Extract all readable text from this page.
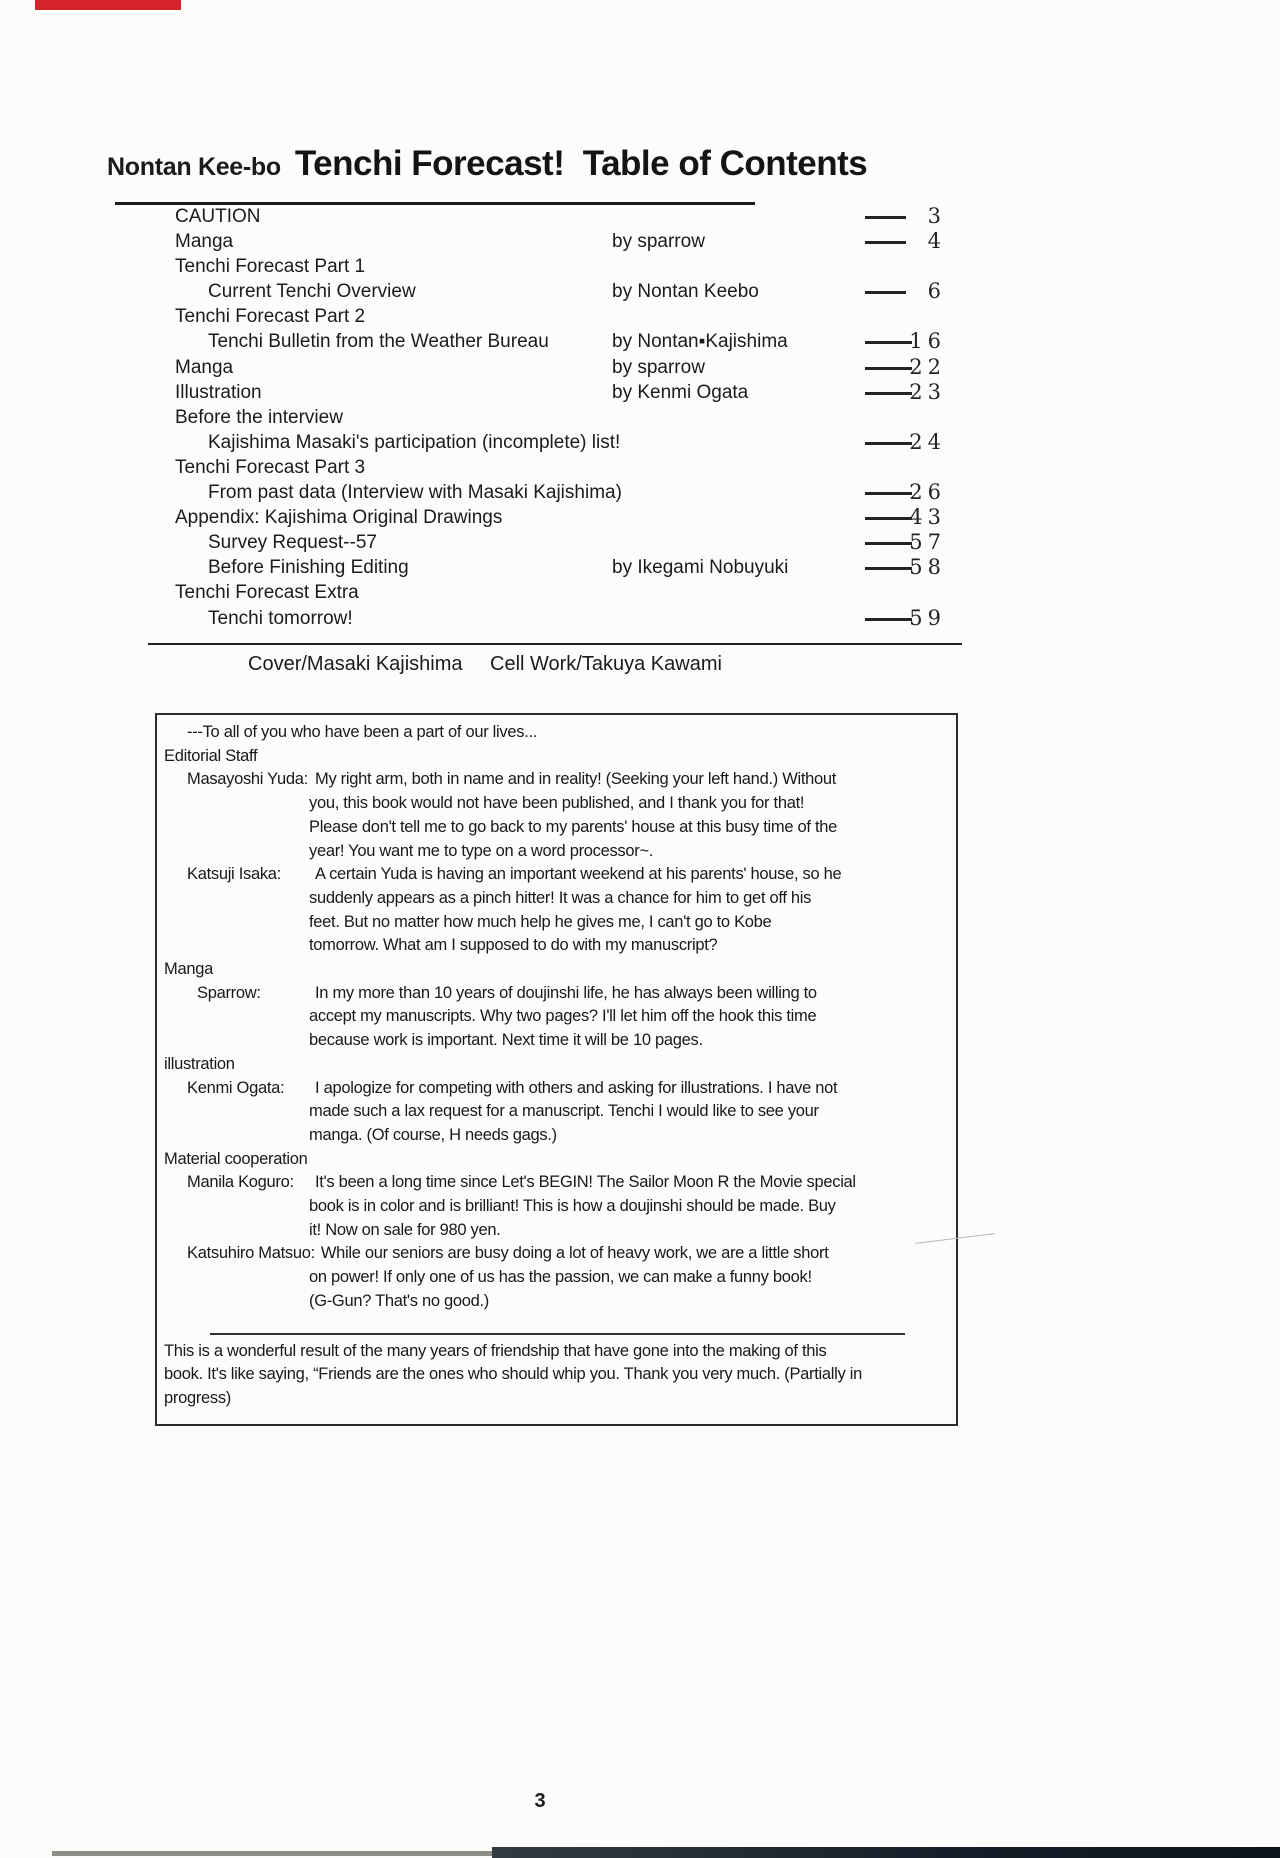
Nontan Kee-bo Tenchi Forecast!  Table of Contents
CAUTION	3
Manga	by sparrow	4
Tenchi Forecast Part 1
Current Tenchi Overview	by Nontan Keebo	6
Tenchi Forecast Part 2
Tenchi Bulletin from the Weather Bureau	by Nontan▪Kajishima	16
Manga	by sparrow	22
Illustration	by Kenmi Ogata	23
Before the interview
Kajishima Masaki's participation (incomplete) list!	24
Tenchi Forecast Part 3
From past data (Interview with Masaki Kajishima)	26
Appendix: Kajishima Original Drawings	43
Survey Request--57	57
Before Finishing Editing	by Ikegami Nobuyuki	58
Tenchi Forecast Extra
Tenchi tomorrow!	59
Cover/Masaki Kajishima Cell Work/Takuya Kawami
---To all of you who have been a part of our lives...
Editorial Staff
Masayoshi Yuda: My right arm, both in name and in reality! (Seeking your left hand.) Without
you, this book would not have been published, and I thank you for that!
Please don't tell me to go back to my parents' house at this busy time of the
year! You want me to type on a word processor~.
Katsuji Isaka:	A certain Yuda is having an important weekend at his parents' house, so he
suddenly appears as a pinch hitter! It was a chance for him to get off his
feet. But no matter how much help he gives me, I can't go to Kobe
tomorrow. What am I supposed to do with my manuscript?
Manga
Sparrow:	In my more than 10 years of doujinshi life, he has always been willing to
accept my manuscripts. Why two pages? I'll let him off the hook this time
because work is important. Next time it will be 10 pages.
illustration
Kenmi Ogata:	I apologize for competing with others and asking for illustrations. I have not
made such a lax request for a manuscript. Tenchi I would like to see your
manga. (Of course, H needs gags.)
Material cooperation
Manila Koguro:	It's been a long time since Let's BEGIN! The Sailor Moon R the Movie special
book is in color and is brilliant! This is how a doujinshi should be made. Buy
it! Now on sale for 980 yen.
Katsuhiro Matsuo: While our seniors are busy doing a lot of heavy work, we are a little short
on power! If only one of us has the passion, we can make a funny book!
(G-Gun? That's no good.)
This is a wonderful result of the many years of friendship that have gone into the making of this
book. It's like saying, “Friends are the ones who should whip you. Thank you very much. (Partially in
progress)
3
